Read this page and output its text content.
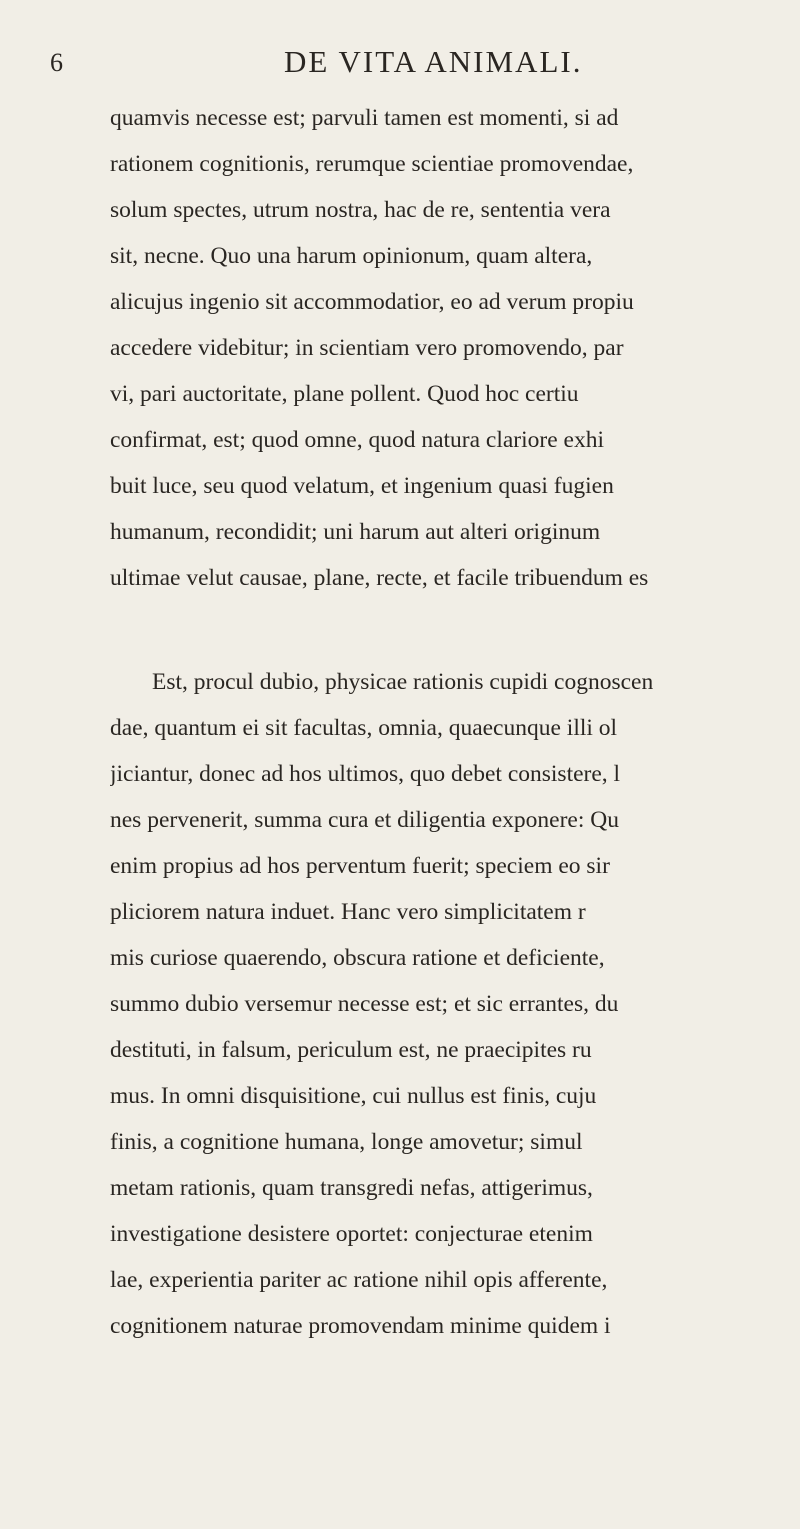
6	DE VITA ANIMALI.
quamvis necesse est; parvuli tamen est momenti, si ad
rationem cognitionis, rerumque scientiae promovendae,
solum spectes, utrum nostra, hac de re, sententia vera
sit, necne. Quo una harum opinionum, quam altera,
alicujus ingenio sit accommodatior, eo ad verum propiu
accedere videbitur; in scientiam vero promovendo, par
vi, pari auctoritate, plane pollent. Quod hoc certiu
confirmat, est; quod omne, quod natura clariore exhi
buit luce, seu quod velatum, et ingenium quasi fugien
humanum, recondidit; uni harum aut alteri originum
ultimae velut causae, plane, recte, et facile tribuendum es
Est, procul dubio, physicae rationis cupidi cognoscen
dae, quantum ei sit facultas, omnia, quaecunque illi ol
jiciantur, donec ad hos ultimos, quo debet consistere, l
nes pervenerit, summa cura et diligentia exponere: Qu
enim propius ad hos perventum fuerit; speciem eo sir
pliciorem natura induet. Hanc vero simplicitatem r
mis curiose quaerendo, obscura ratione et deficiente,
summo dubio versemur necesse est; et sic errantes, du
destituti, in falsum, periculum est, ne praecipites ru
mus. In omni disquisitione, cui nullus est finis, cuju
finis, a cognitione humana, longe amovetur; simul
metam rationis, quam transgredi nefas, attigerimus,
investigatione desistere oportet: conjecturae etenim
lae, experientia pariter ac ratione nihil opis afferente,
cognitionem naturae promovendam minime quidem i
